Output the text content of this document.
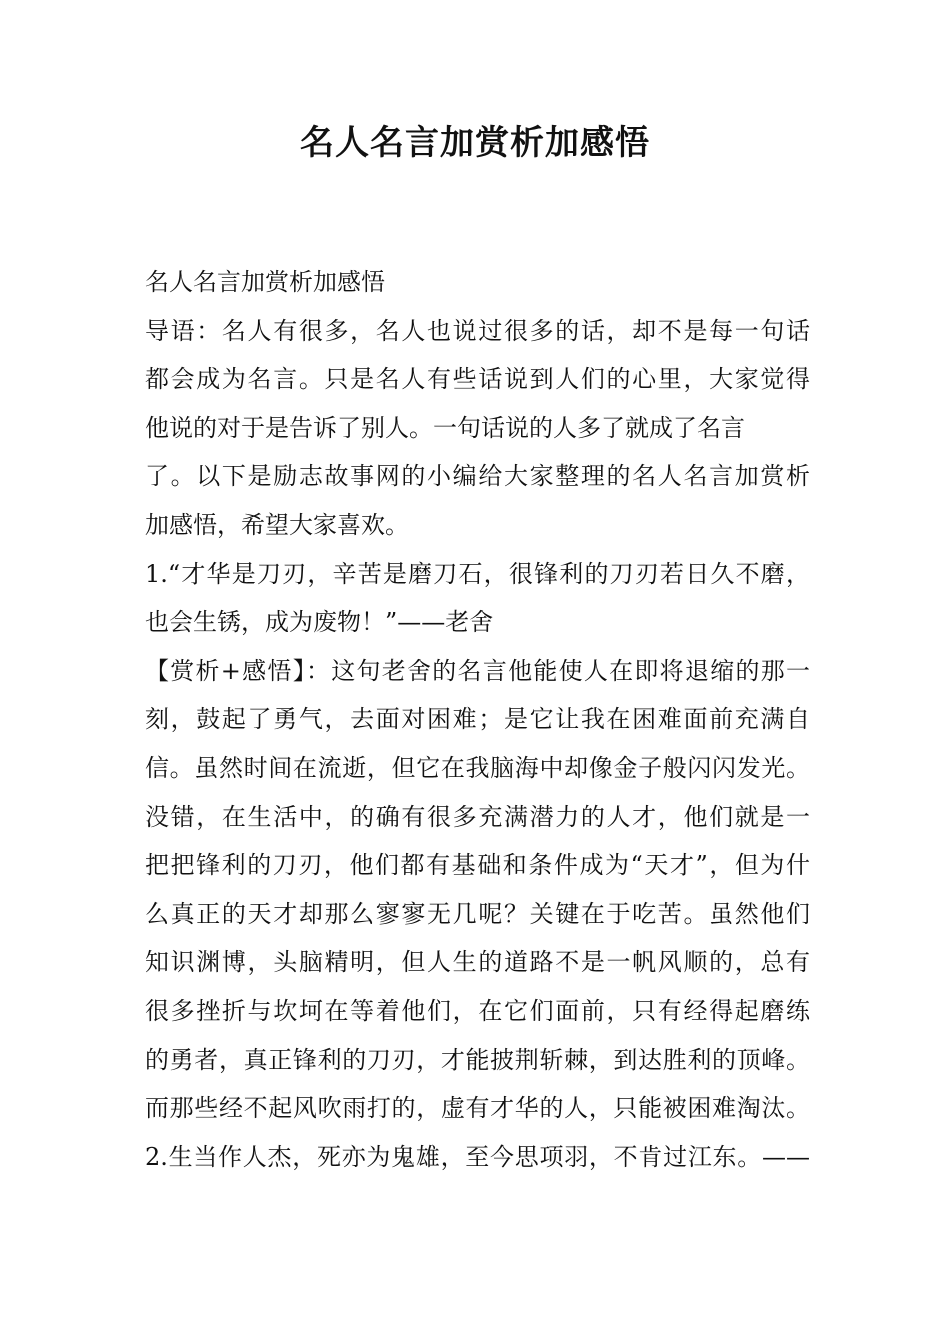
名人名言加赏析加感悟
名人名言加赏析加感悟
导语：名人有很多，名人也说过很多的话，却不是每一句话
都会成为名言。只是名人有些话说到人们的心里，大家觉得
他说的对于是告诉了别人。一句话说的人多了就成了名言
了。以下是励志故事网的小编给大家整理的名人名言加赏析
加感悟，希望大家喜欢。
1.“才华是刀刃，辛苦是磨刀石，很锋利的刀刃若日久不磨，
也会生锈，成为废物！”——老舍
【赏析+感悟】：这句老舍的名言他能使人在即将退缩的那一
刻，鼓起了勇气，去面对困难；是它让我在困难面前充满自
信。虽然时间在流逝，但它在我脑海中却像金子般闪闪发光。
没错，在生活中，的确有很多充满潜力的人才，他们就是一
把把锋利的刀刃，他们都有基础和条件成为“天才”，但为什
么真正的天才却那么寥寥无几呢？关键在于吃苦。虽然他们
知识渊博，头脑精明，但人生的道路不是一帆风顺的，总有
很多挫折与坎坷在等着他们，在它们面前，只有经得起磨练
的勇者，真正锋利的刀刃，才能披荆斩棘，到达胜利的顶峰。
而那些经不起风吹雨打的，虚有才华的人，只能被困难淘汰。
2.生当作人杰，死亦为鬼雄，至今思项羽，不肯过江东。——
